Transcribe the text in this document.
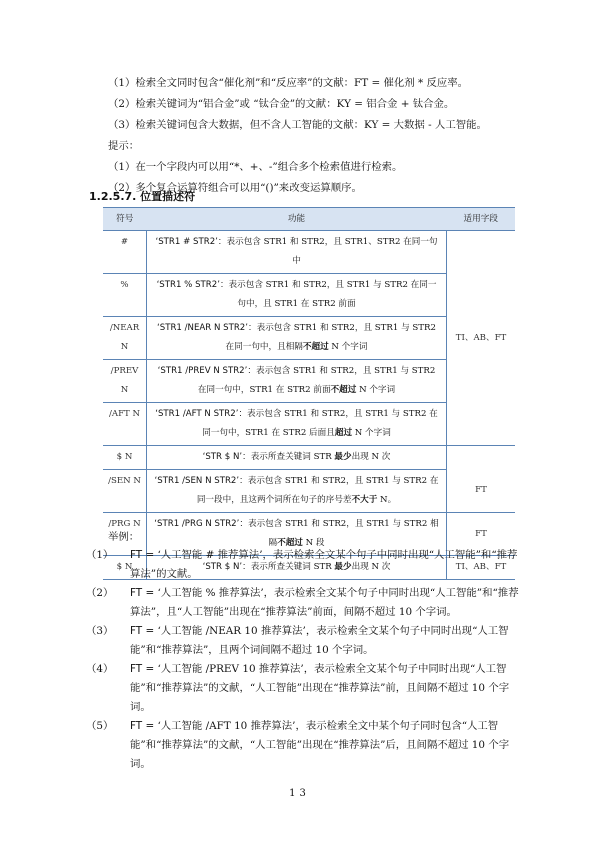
（1）检索全文同时包含“催化剂”和“反应率”的文献：FT = 催化剂 * 反应率。
（2）检索关键词为“铝合金”或 “钛合金”的文献：KY = 铝合金 + 钛合金。
（3）检索关键词包含大数据，但不含人工智能的文献：KY = 大数据 - 人工智能。
提示：
（1）在一个字段内可以用“*、+、-”组合多个检索值进行检索。
（2）多个复合运算符组合可以用“()”来改变运算顺序。
1.2.5.7. 位置描述符
符号	功能	适用字段
#	‘STR1 # STR2’：表示包含 STR1 和 STR2，且 STR1、STR2 在同一句中	TI、AB、FT
%	‘STR1 % STR2’：表示包含 STR1 和 STR2，且 STR1 与 STR2 在同一句中，且 STR1 在 STR2 前面	
/NEAR N	‘STR1 /NEAR N STR2’：表示包含 STR1 和 STR2，且 STR1 与 STR2 在同一句中，且相隔不超过 N 个字词	
/PREV N	‘STR1 /PREV N STR2’：表示包含 STR1 和 STR2，且 STR1 与 STR2 在同一句中，STR1 在 STR2 前面不超过 N 个字词	
/AFT N	‘STR1 /AFT N STR2’：表示包含 STR1 和 STR2，且 STR1 与 STR2 在同一句中，STR1 在 STR2 后面且超过 N 个字词	
$ N	‘STR $ N’：表示所查关键词 STR 最少出现 N 次	
/SEN N	‘STR1 /SEN N STR2’：表示包含 STR1 和 STR2，且 STR1 与 STR2 在同一段中，且这两个词所在句子的序号差不大于 N。	FT
/PRG N	‘STR1 /PRG N STR2’：表示包含 STR1 和 STR2，且 STR1 与 STR2 相隔不超过 N 段	FT
$ N	‘STR $ N’：表示所查关键词 STR 最少出现 N 次	TI、AB、FT
举例：
（1） FT = ‘人工智能 # 推荐算法’，表示检索全文某个句子中同时出现“人工智能”和“推荐算法”的文献。
（2） FT = ‘人工智能 % 推荐算法’，表示检索全文某个句子中同时出现“人工智能”和“推荐算法”，且“人工智能”出现在“推荐算法”前面，间隔不超过 10 个字词。
（3） FT = ‘人工智能 /NEAR 10 推荐算法’，表示检索全文某个句子中同时出现“人工智能”和“推荐算法”，且两个词间隔不超过 10 个字词。
（4） FT = ‘人工智能 /PREV 10 推荐算法’，表示检索全文某个句子中同时出现“人工智能”和“推荐算法”的文献，“人工智能”出现在“推荐算法”前，且间隔不超过 10 个字词。
（5） FT = ‘人工智能 /AFT 10 推荐算法’，表示检索全文中某个句子同时包含“人工智能”和“推荐算法”的文献，“人工智能”出现在“推荐算法”后，且间隔不超过 10 个字词。
13
